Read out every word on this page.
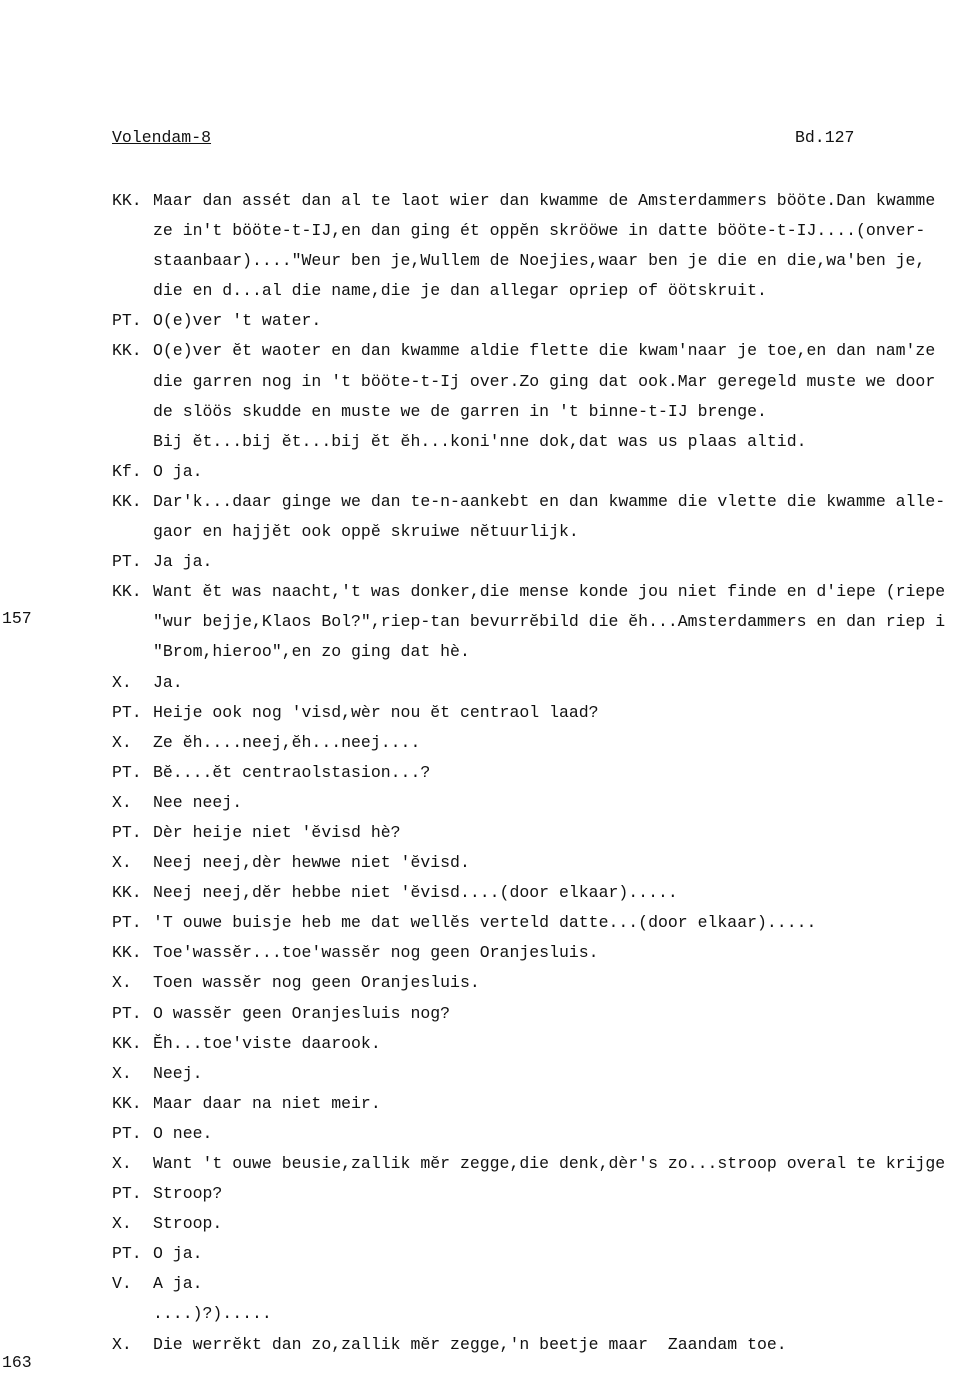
Volendam-8	Bd.127
157
163
KK. Maar dan assét dan al te laot wier dan kwamme de Amsterdammers bööte.Dan kwamme
ze in't bööte-t-IJ,en dan ging ét oppĕn skrööwe in datte bööte-t-IJ....(onver-
staanbaar)...."Weur ben je,Wullem de Noejies,waar ben je die en die,wa'ben je,
die en d...al die name,die je dan allegar opriep of öötskruit.
PT. O(e)ver 't water.
KK. O(e)ver ĕt waoter en dan kwamme aldie flette die kwam'naar je toe,en dan nam'ze
die garren nog in 't bööte-t-Ij over.Zo ging dat ook.Mar geregeld muste we door
de slöös skudde en muste we de garren in 't binne-t-IJ brenge.
Bij ĕt...bij ĕt...bij ĕt ĕh...koni'nne dok,dat was us plaas altid.
Kf. O ja.
KK. Dar'k...daar ginge we dan te-n-aankebt en dan kwamme die vlette die kwamme alle-
gaor en hajjĕt ook oppĕ skruiwe nĕtuurlijk.
PT. Ja ja.
KK. Want ĕt was naacht,'t was donker,die mense konde jou niet finde en d'iepe (riepe
"wur bejje,Klaos Bol?",riep-tan bevurrĕbild die ĕh...Amsterdammers en dan riep i
"Brom,hieroo",en zo ging dat hè.
X.	Ja.
PT. Heije ook nog 'visd,wèr nou ĕt centraol laad?
X.	Ze ĕh....neej,ĕh...neej....
PT. Bĕ....ĕt centraolstasion...?
X.	Nee neej.
PT. Dèr heije niet 'ĕvisd hè?
X.	Neej neej,dèr hewwe niet 'ĕvisd.
KK. Neej neej,dĕr hebbe niet 'ĕvisd....(door elkaar).....
PT. 'T ouwe buisje heb me dat wellĕs verteld datte...(door elkaar).....
KK. Toe'wassĕr...toe'wassĕr nog geen Oranjesluis.
X.	Toen wassĕr nog geen Oranjesluis.
PT. O wassĕr geen Oranjesluis nog?
KK. Ĕh...toe'viste daarook.
X.	Neej.
KK. Maar daar na niet meir.
PT. O nee.
X.	Want 't ouwe beusie,zallik mĕr zegge,die denk,dèr's zo...stroop overal te krijge
PT. Stroop?
X.	Stroop.
PT. O ja.
V.	A ja.
....)?).....
X.	Die werrĕkt dan zo,zallik mĕr zegge,'n beetje maar  Zaandam toe.
